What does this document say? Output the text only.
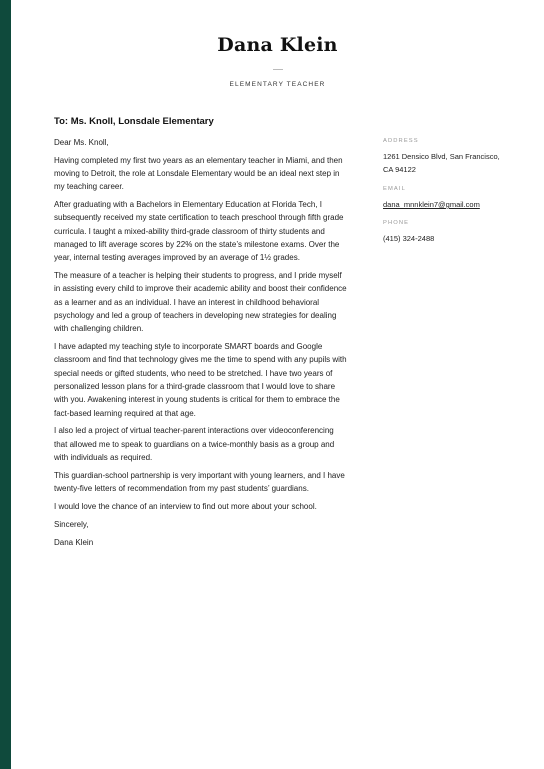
Dana Klein
ELEMENTARY TEACHER
To: Ms. Knoll, Lonsdale Elementary

Dear Ms. Knoll,

Having completed my first two years as an elementary teacher in Miami, and then moving to Detroit, the role at Lonsdale Elementary would be an ideal next step in my teaching career.

After graduating with a Bachelors in Elementary Education at Florida Tech, I subsequently received my state certification to teach preschool through fifth grade curricula. I taught a mixed-ability third-grade classroom of thirty students and managed to lift average scores by 22% on the state’s milestone exams. Over the year, internal testing averages improved by an average of 1½ grades.

The measure of a teacher is helping their students to progress, and I pride myself in assisting every child to improve their academic ability and boost their confidence as a learner and as an individual. I have an interest in childhood behavioral psychology and led a group of teachers in developing new strategies for dealing with challenging children.

I have adapted my teaching style to incorporate SMART boards and Google classroom and find that technology gives me the time to spend with any pupils with special needs or gifted students, who need to be stretched. I have two years of personalized lesson plans for a third-grade classroom that I would love to share with you. Awakening interest in young students is critical for them to embrace the fact-based learning required at that age.

I also led a project of virtual teacher-parent interactions over videoconferencing that allowed me to speak to guardians on a twice-monthly basis as a group and with individuals as required.

This guardian-school partnership is very important with young learners, and I have twenty-five letters of recommendation from my past students’ guardians.

I would love the chance of an interview to find out more about your school.

Sincerely,

Dana Klein

ADDRESS
1261 Densico Blvd, San Francisco,
CA 94122
EMAIL
dana_mnnklein7@gmail.com
PHONE
(415) 324-2488
